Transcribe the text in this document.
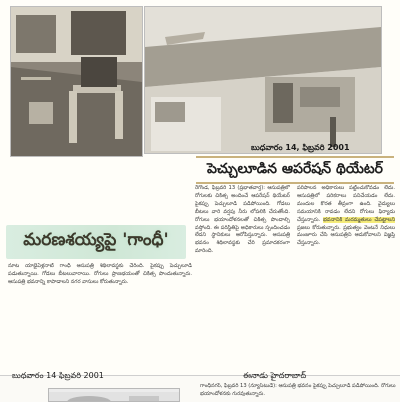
బుధవారం 14, ఫిబ్రవరి 2001
పెచ్చులూడిన ఆపరేషన్ థియేటర్
మరణశయ్యపై 'గాంధీ'
రేగొండ, ఫిబ్రవరి 13 (ప్రభాతవార్త): ఆసుపత్రిలో రోగులకు చికిత్స అందించే ఆపరేషన్ థియేటర్ పైకప్పు పెచ్చులూడి పడిపోయింది. గోడలు బీటలు వారి వర్షపు నీరు లోపలికి చేరుతోంది. రోగులు భయాందోళనలతో చికిత్స పొందాల్సి వస్తోంది. ఈ పరిస్థితిపై అధికారులు స్పందించడం లేదని స్థానికులు ఆరోపిస్తున్నారు. ఆసుపత్రి భవనం శిథిలావస్థకు చేరి ప్రమాదకరంగా మారింది.
పరిపాలన అధికారులు పట్టించుకోవడం లేదు. ఆసుపత్రిలో పరికరాలు పనిచేయడం లేదు. మందుల కొరత తీవ్రంగా ఉంది. వైద్యులు సమయానికి రావడం లేదని రోగులు ఫిర్యాదు చేస్తున్నారు. భవనానికి మరమ్మతులు చేపట్టాలని ప్రజలు కోరుతున్నారు. ప్రభుత్వం వెంటనే నిధులు మంజూరు చేసి ఆసుపత్రిని ఆదుకోవాలని విజ్ఞప్తి చేస్తున్నారు.
నూట యాభైఏళ్లనాటి గాంధీ ఆసుపత్రి శిథిలావస్థకు చేరింది. పైకప్పు పెచ్చులూడి పడుతున్నాయి. గోడలు బీటలువారాయి. రోగులు ప్రాణభయంతో చికిత్స పొందుతున్నారు. ఆసుపత్రి భవనాన్ని కాపాడాలని నగర వాసులు కోరుతున్నారు.
బుధవారం 14 ఫిబ్రవరి 2001	ఈనాడు హైదరాబాద్
గాంధీనగర్, ఫిబ్రవరి 13 (న్యూస్‌టుడే): ఆసుపత్రి భవనం పైకప్పు పెచ్చులూడి పడిపోయింది. రోగులు భయాందోళనకు గురవుతున్నారు.
